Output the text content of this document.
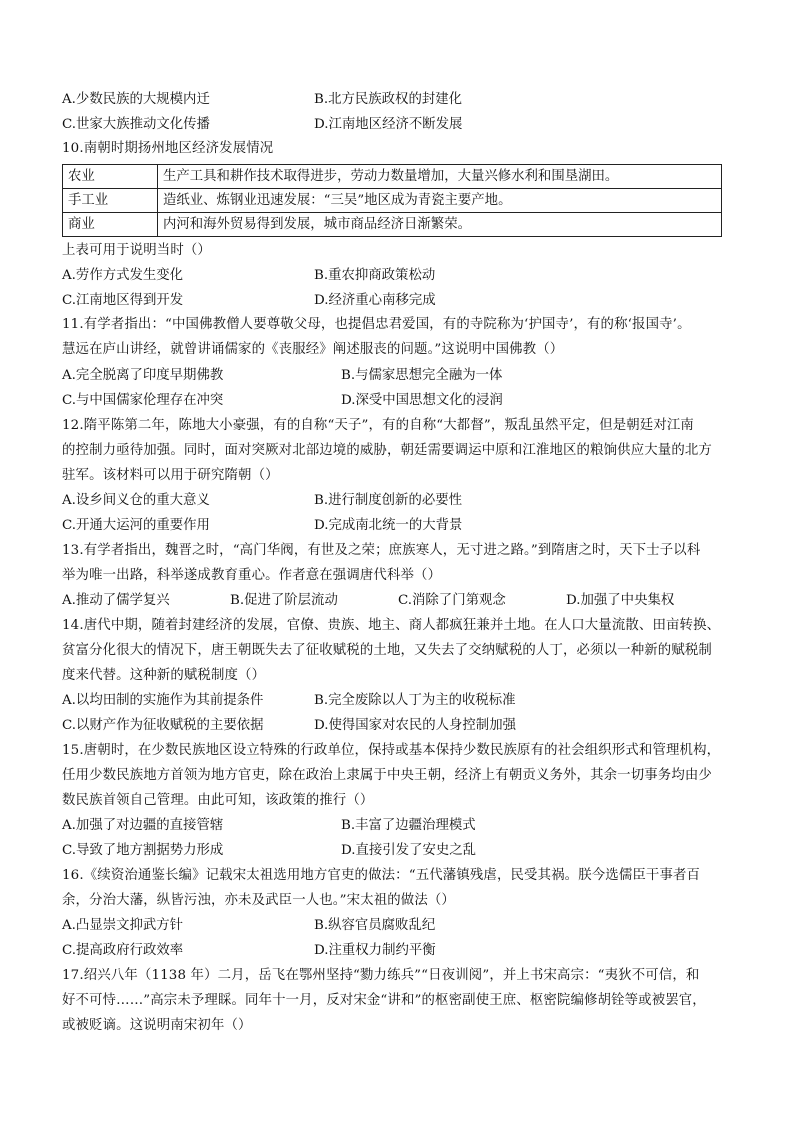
A.少数民族的大规模内迁	B.北方民族政权的封建化
C.世家大族推动文化传播	D.江南地区经济不断发展
10.南朝时期扬州地区经济发展情况
农业	生产工具和耕作技术取得进步，劳动力数量增加，大量兴修水利和围垦湖田。
手工业	造纸业、炼钢业迅速发展：“三吴”地区成为青瓷主要产地。
商业	内河和海外贸易得到发展，城市商品经济日渐繁荣。
上表可用于说明当时（）
A.劳作方式发生变化	B.重农抑商政策松动
C.江南地区得到开发	D.经济重心南移完成
11.有学者指出：“中国佛教僧人要尊敬父母，也提倡忠君爱国，有的寺院称为‘护国寺’，有的称‘报国寺’。
慧远在庐山讲经，就曾讲诵儒家的《丧服经》阐述服丧的问题。”这说明中国佛教（）
A.完全脱离了印度早期佛教	B.与儒家思想完全融为一体
C.与中国儒家伦理存在冲突	D.深受中国思想文化的浸润
12.隋平陈第二年，陈地大小豪强，有的自称“天子”，有的自称“大都督”，叛乱虽然平定，但是朝廷对江南
的控制力亟待加强。同时，面对突厥对北部边境的威胁，朝廷需要调运中原和江淮地区的粮饷供应大量的北方
驻军。该材料可以用于研究隋朝（）
A.设乡间义仓的重大意义	B.进行制度创新的必要性
C.开通大运河的重要作用	D.完成南北统一的大背景
13.有学者指出，魏晋之时，“高门华阀，有世及之荣；庶族寒人，无寸进之路。”到隋唐之时，天下士子以科
举为唯一出路，科举遂成教育重心。作者意在强调唐代科举（）
A.推动了儒学复兴	B.促进了阶层流动	C.消除了门第观念	D.加强了中央集权
14.唐代中期，随着封建经济的发展，官僚、贵族、地主、商人都疯狂兼并土地。在人口大量流散、田亩转换、
贫富分化很大的情况下，唐王朝既失去了征收赋税的土地，又失去了交纳赋税的人丁，必须以一种新的赋税制
度来代替。这种新的赋税制度（）
A.以均田制的实施作为其前提条件	B.完全废除以人丁为主的收税标准
C.以财产作为征收赋税的主要依据	D.使得国家对农民的人身控制加强
15.唐朝时，在少数民族地区设立特殊的行政单位，保持或基本保持少数民族原有的社会组织形式和管理机构，
任用少数民族地方首领为地方官吏，除在政治上隶属于中央王朝，经济上有朝贡义务外，其余一切事务均由少
数民族首领自己管理。由此可知，该政策的推行（）
A.加强了对边疆的直接管辖	B.丰富了边疆治理模式
C.导致了地方割据势力形成	D.直接引发了安史之乱
16.《续资治通鉴长编》记载宋太祖选用地方官吏的做法：“五代藩镇残虐，民受其祸。朕今选儒臣干事者百
余，分治大藩，纵皆污浊，亦未及武臣一人也。”宋太祖的做法（）
A.凸显崇文抑武方针	B.纵容官员腐败乱纪
C.提高政府行政效率	D.注重权力制约平衡
17.绍兴八年（1138 年）二月，岳飞在鄂州坚持“勠力练兵”“日夜训阅”，并上书宋高宗：“夷狄不可信，和
好不可恃……”高宗未予理睬。同年十一月，反对宋金“讲和”的枢密副使王庶、枢密院编修胡铨等或被罢官，
或被贬谪。这说明南宋初年（）
